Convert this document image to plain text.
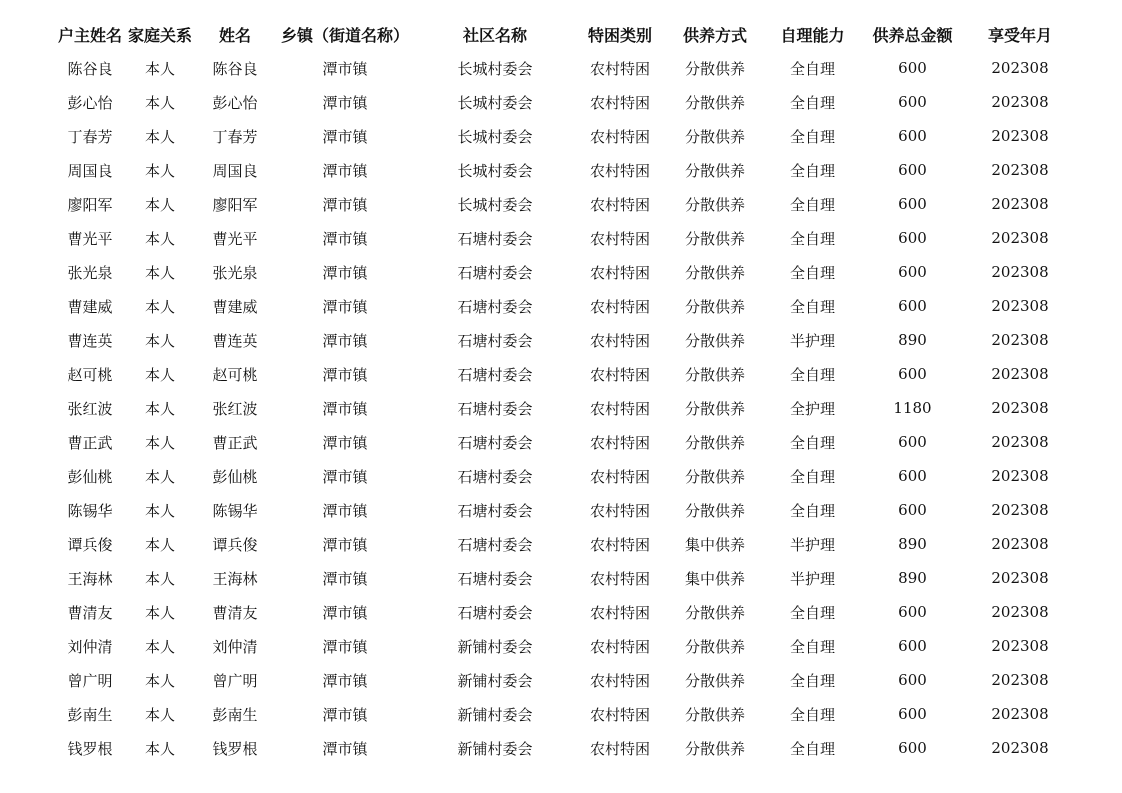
	户主姓名	家庭关系	姓名	乡镇（街道名称）	社区名称	特困类别	供养方式	自理能力	供养总金额	享受年月	
	陈谷良	本人	陈谷良	潭市镇	长城村委会	农村特困	分散供养	全自理	600	202308	
	彭心怡	本人	彭心怡	潭市镇	长城村委会	农村特困	分散供养	全自理	600	202308	
	丁春芳	本人	丁春芳	潭市镇	长城村委会	农村特困	分散供养	全自理	600	202308	
	周国良	本人	周国良	潭市镇	长城村委会	农村特困	分散供养	全自理	600	202308	
	廖阳军	本人	廖阳军	潭市镇	长城村委会	农村特困	分散供养	全自理	600	202308	
	曹光平	本人	曹光平	潭市镇	石塘村委会	农村特困	分散供养	全自理	600	202308	
	张光泉	本人	张光泉	潭市镇	石塘村委会	农村特困	分散供养	全自理	600	202308	
	曹建威	本人	曹建威	潭市镇	石塘村委会	农村特困	分散供养	全自理	600	202308	
	曹连英	本人	曹连英	潭市镇	石塘村委会	农村特困	分散供养	半护理	890	202308	
	赵可桃	本人	赵可桃	潭市镇	石塘村委会	农村特困	分散供养	全自理	600	202308	
	张红波	本人	张红波	潭市镇	石塘村委会	农村特困	分散供养	全护理	1180	202308	
	曹正武	本人	曹正武	潭市镇	石塘村委会	农村特困	分散供养	全自理	600	202308	
	彭仙桃	本人	彭仙桃	潭市镇	石塘村委会	农村特困	分散供养	全自理	600	202308	
	陈锡华	本人	陈锡华	潭市镇	石塘村委会	农村特困	分散供养	全自理	600	202308	
	谭兵俊	本人	谭兵俊	潭市镇	石塘村委会	农村特困	集中供养	半护理	890	202308	
	王海林	本人	王海林	潭市镇	石塘村委会	农村特困	集中供养	半护理	890	202308	
	曹清友	本人	曹清友	潭市镇	石塘村委会	农村特困	分散供养	全自理	600	202308	
	刘仲清	本人	刘仲清	潭市镇	新铺村委会	农村特困	分散供养	全自理	600	202308	
	曾广明	本人	曾广明	潭市镇	新铺村委会	农村特困	分散供养	全自理	600	202308	
	彭南生	本人	彭南生	潭市镇	新铺村委会	农村特困	分散供养	全自理	600	202308	
	钱罗根	本人	钱罗根	潭市镇	新铺村委会	农村特困	分散供养	全自理	600	202308	
